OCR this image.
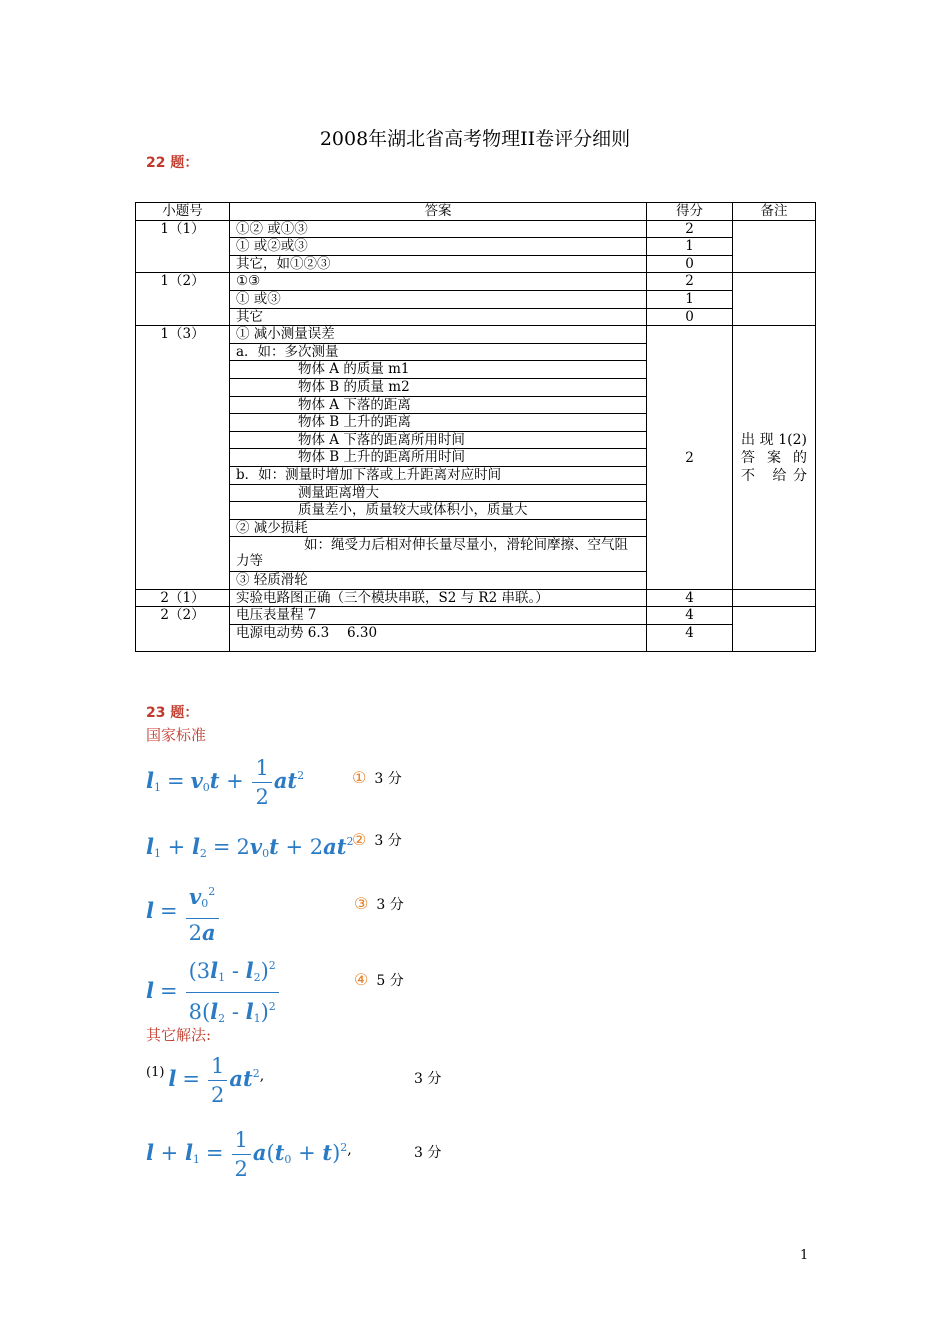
2008年湖北省高考物理II卷评分细则
22 题：
小题号	答案	得分	备注
1（1）	①② 或①③	2	
	① 或②或③	1	
	其它，如①②③	0	
1（2）	①③	2	
	① 或③	1	
	其它	0	
1（3）	① 减小测量误差	2	出 现 1(2) 答 案 的 不 给分
	a．如：多次测量		
	物体 A 的质量 m1		
	物体 B 的质量 m2		
	物体 A 下落的距离		
	物体 B 上升的距离		
	物体 A 下落的距离所用时间		
	物体 B 上升的距离所用时间		
	b．如：测量时增加下落或上升距离对应时间		
	测量距离增大		
	质量差小，质量较大或体积小，质量大		
	② 减少损耗		
	如：绳受力后相对伸长量尽量小，滑轮间摩擦、空气阻力等		
	③ 轻质滑轮		
2（1）	实验电路图正确（三个模块串联，S2 与 R2 串联。）	4	
2（2）	电压表量程 7	4	
	电源电动势 6.3　 6.30	4	
23 题：
国家标准
$l_1 = v_0t + \frac{1}{2} at^2$	① 3 分
$l_1 + l_2 = 2v_0t + 2at^2$
② 3 分
$l = \frac{v_0^2}{2a}$	③ 3 分
$l = \frac{(3l_1 - l_2)^2}{8(l_2 - l_1)^2}$	④ 5 分
其它解法:
$^{(1)}$ $l = \frac{1}{2} at^{2,}$	3 分
$l + l_1 = \frac{1}{2} a(t_0 + t)^{2,}$	3 分
1
